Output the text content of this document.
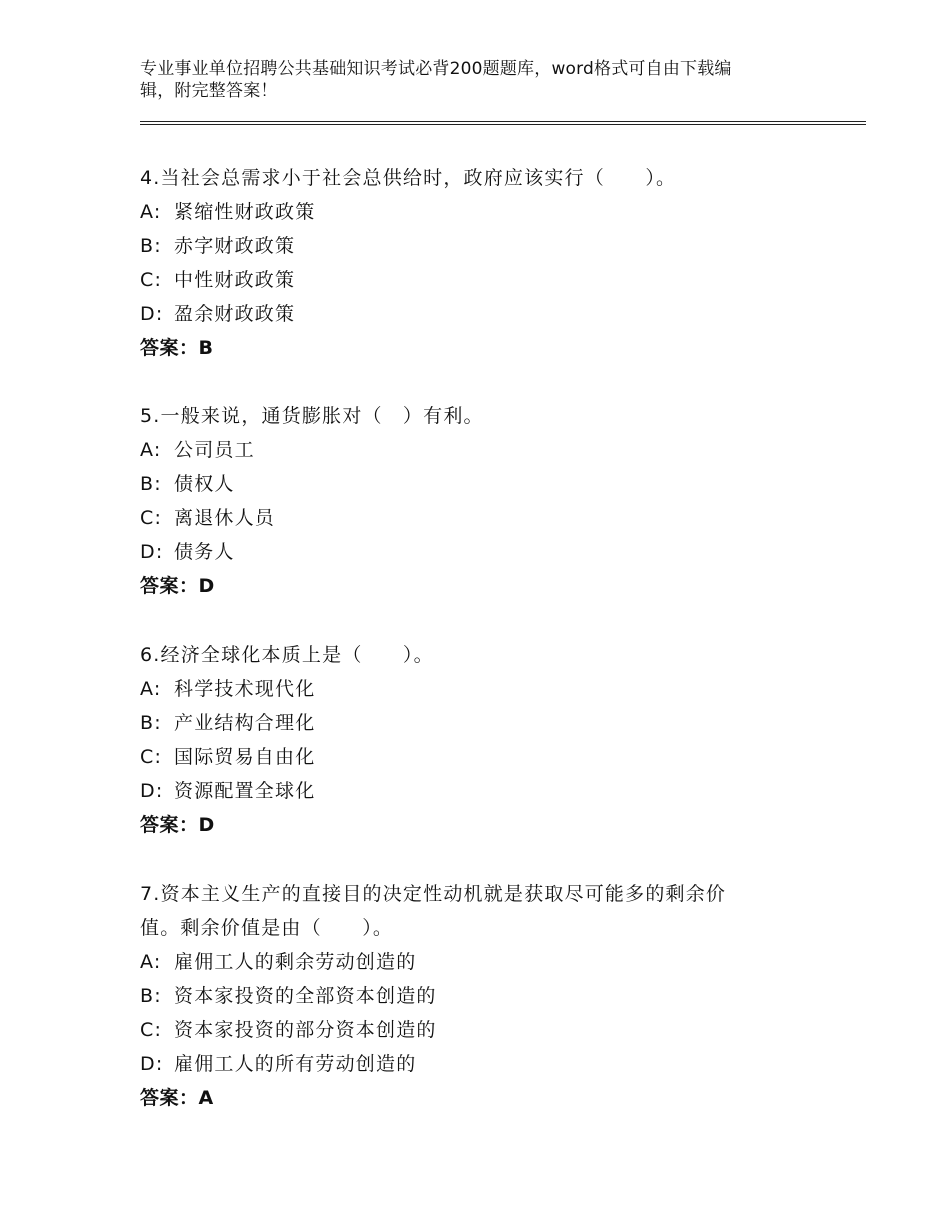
专业事业单位招聘公共基础知识考试必背200题题库，word格式可自由下载编
辑，附完整答案！
4.当社会总需求小于社会总供给时，政府应该实行（　　）。
A: 紧缩性财政政策
B: 赤字财政政策
C: 中性财政政策
D: 盈余财政政策
答案：B
5.一般来说，通货膨胀对（　）有利。
A: 公司员工
B: 债权人
C: 离退休人员
D: 债务人
答案：D
6.经济全球化本质上是（　　）。
A: 科学技术现代化
B: 产业结构合理化
C: 国际贸易自由化
D: 资源配置全球化
答案：D
7.资本主义生产的直接目的决定性动机就是获取尽可能多的剩余价
值。剩余价值是由（　　）。
A: 雇佣工人的剩余劳动创造的
B: 资本家投资的全部资本创造的
C: 资本家投资的部分资本创造的
D: 雇佣工人的所有劳动创造的
答案：A
